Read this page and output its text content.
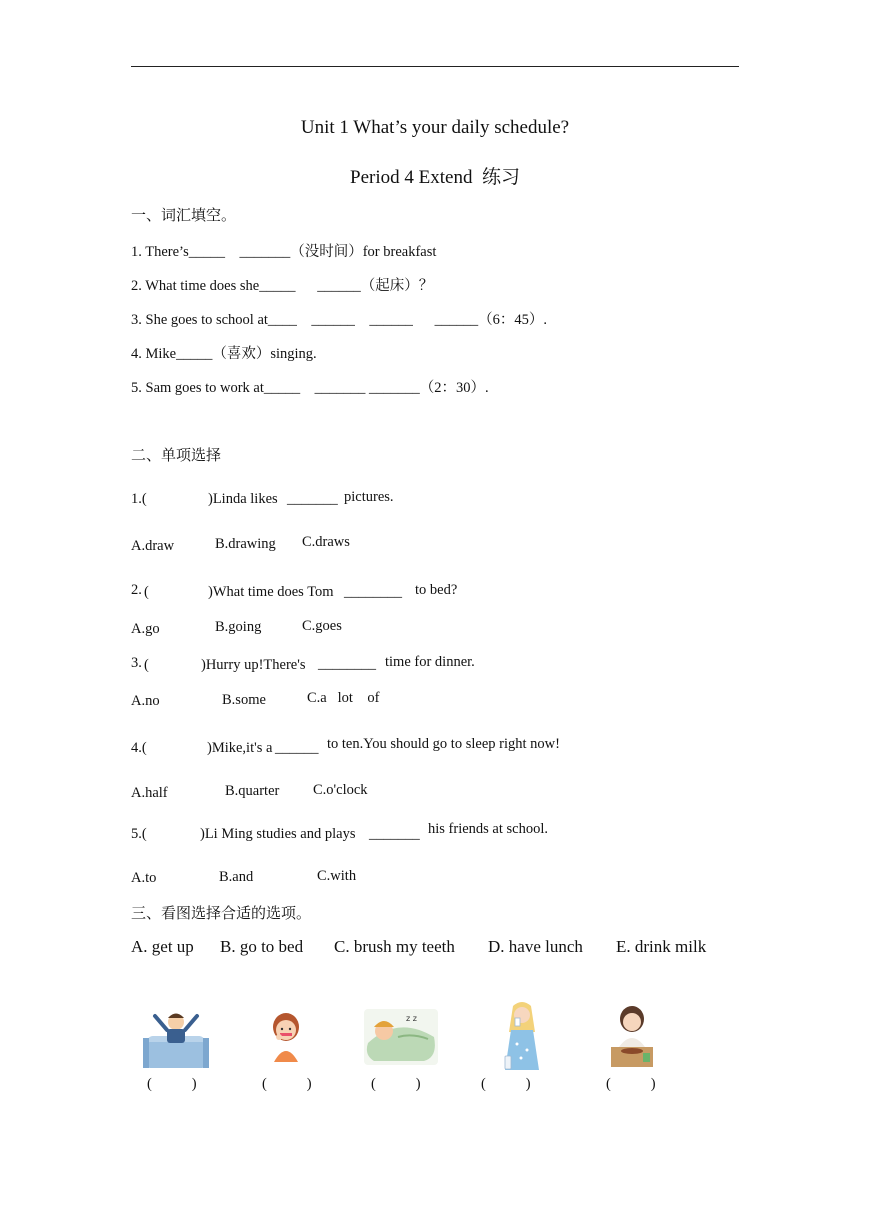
Unit 1 What’s your daily schedule?
Period 4 Extend  练习
一、词汇填空。
1. There’s_____    _______（没时间）for breakfast
2. What time does she_____      ______（起床）？
3. She goes to school at____    ______    ______      ______（6：45）.
4. Mike_____（喜欢）singing.
5. Sam goes to work at_____    _______ _______（2：30）.
二、单项选择
1.(	)Linda likes _______ pictures.
A.draw	B.drawing C.draws
2. (	)What time does Tom ________ to bed?
A.go	B.going	C.goes
3. (	)Hurry up!There's ________ time for dinner.
A.no	B.some	C.a   lot    of
4.(	)Mike,it's a ______ to ten.You should go to sleep right now!
A.half	B.quarter C.o'clock
5.(	)Li Ming studies and plays _______ his friends at school.
A.to	B.and	C.with
三、看图选择合适的选项。
A. get up B. go to bed C. brush my teeth D. have lunch E. drink milk
(           )	(           )
z z
(           )	(           )	(           )
